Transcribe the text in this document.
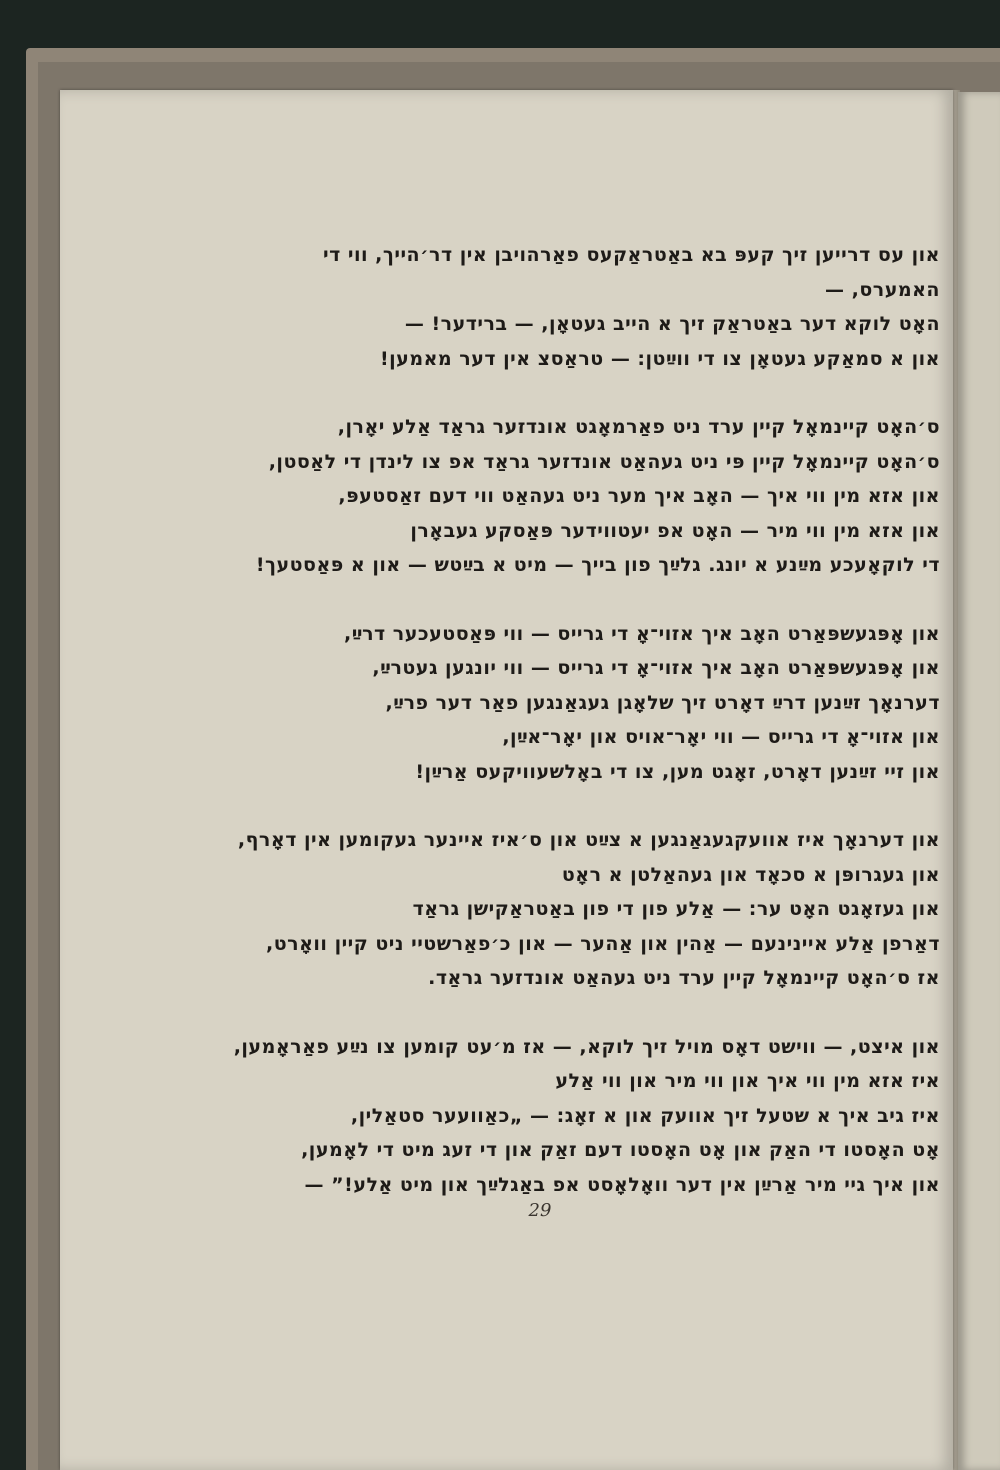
און עס דרייען זיך קעפּ בא באַטראַקעס פאַרהויבן אין דר׳הייך, ווי די
האמערס, —
האָט לוקא דער באַטראַק זיך א הייב געטאָן, — ברידער! —
און א סמאַקע געטאָן צו די ווײַטן: — טראַסצ אין דער מאמען!
ס׳האָט קיינמאָל קיין ערד ניט פאַרמאָגט אונדזער גראַד אַלע יאָרן,
ס׳האָט קיינמאָל קיין פּי ניט געהאַט אונדזער גראַד אפ צו לינדן די לאַסטן,
און אזא מין ווי איך — האָב איך מער ניט געהאַט ווי דעם זאַסטעפּ,
און אזא מין ווי מיר — האָט אפ יעטווידער פּאַסקע געבאָרן
די לוקאָעכע מײַנע א יונג. גלײַך פון בייך — מיט א בײַטש — און א פּאַסטעך!
און אָפּגעשפּאַרט האָב איך אזוי־אָ די גרייס — ווי פּאַסטעכער דרײַ,
און אָפּגעשפּאַרט האָב איך אזוי־אָ די גרייס — ווי יונגען געטרײַ,
דערנאָך זײַנען דרײַ דאָרט זיך שלאָגן געגאַנגען פאַר דער פרײַ,
און אזוי־אָ די גרייס — ווי יאָר־אויס און יאָר־אײַן,
און זיי זײַנען דאָרט, זאָגט מען, צו די באָלשעוויקעס אַרײַן!
און דערנאָך איז אוועקגעגאַנגען א צײַט און ס׳איז איינער געקומען אין דאָרף,
און געגרופּן א סכאָד און געהאַלטן א ראָט
און געזאָגט האָט ער: — אַלע פון די פון באַטראַקישן גראַד
דאַרפן אַלע איינינעם — אַהין און אַהער — און כ׳פאַרשטיי ניט קיין וואָרט,
אז ס׳האָט קיינמאָל קיין ערד ניט געהאַט אונדזער גראַד.
און איצט, — ווישט דאָס מויל זיך לוקא, — אז מ׳עט קומען צו נײַע פאַראָמען,
איז אזא מין ווי איך און ווי מיר און ווי אַלע
איז גיב איך א שטעל זיך אוועק און א זאָג: — „כאַוועער סטאַלין,
אָט האָסטו די האַק און אָט האָסטו דעם זאַק און די זעג מיט די לאָמען,
און איך גיי מיר אַרײַן אין דער וואָלאָסט אפ באַגלײַך און מיט אַלע!” —
29
